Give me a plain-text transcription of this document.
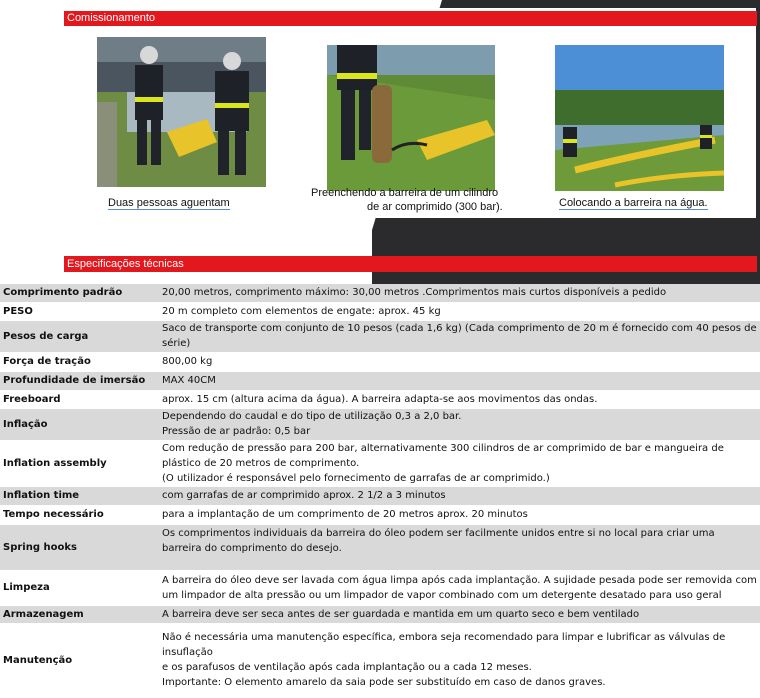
Comissionamento
Duas pessoas aguentam
Preenchendo a barreira de um cilindro
de ar comprimido (300 bar).	Colocando a barreira na água.
Especificações técnicas
Comprimento padrão	20,00 metros, comprimento máximo: 30,00 metros .Comprimentos mais curtos disponíveis a pedido
PESO	20 m completo com elementos de engate: aprox. 45 kg
Pesos de carga	Saco de transporte com conjunto de 10 pesos (cada 1,6 kg) (Cada comprimento de 20 m é fornecido com 40 pesos de série)
Força de tração	800,00 kg
Profundidade de imersão	MAX 40CM
Freeboard	aprox. 15 cm (altura acima da água). A barreira adapta-se aos movimentos das ondas.
Inflação	Dependendo do caudal e do tipo de utilização 0,3 a 2,0 bar.
Pressão de ar padrão: 0,5 bar

Inflation assembly	Com redução de pressão para 200 bar, alternativamente 300 cilindros de ar comprimido de bar e mangueira de plástico de 20 metros de comprimento.
(O utilizador é responsável pelo fornecimento de garrafas de ar comprimido.)

Inflation time	com garrafas de ar comprimido aprox. 2 1/2 a 3 minutos
Tempo necessário	para a implantação de um comprimento de 20 metros aprox. 20 minutos
Spring hooks	Os comprimentos individuais da barreira do óleo podem ser facilmente unidos entre si no local para criar uma barreira do comprimento do desejo.
Limpeza	A barreira do óleo deve ser lavada com água limpa após cada implantação. A sujidade pesada pode ser removida com um limpador de alta pressão ou um limpador de vapor combinado com um detergente desatado para uso geral
Armazenagem	A barreira deve ser seca antes de ser guardada e mantida em um quarto seco e bem ventilado
Manutenção	Não é necessária uma manutenção específica, embora seja recomendado para limpar e lubrificar as válvulas de insuflação
e os parafusos de ventilação após cada implantação ou a cada 12 meses.
Importante: O elemento amarelo da saia pode ser substituído em caso de danos graves.
